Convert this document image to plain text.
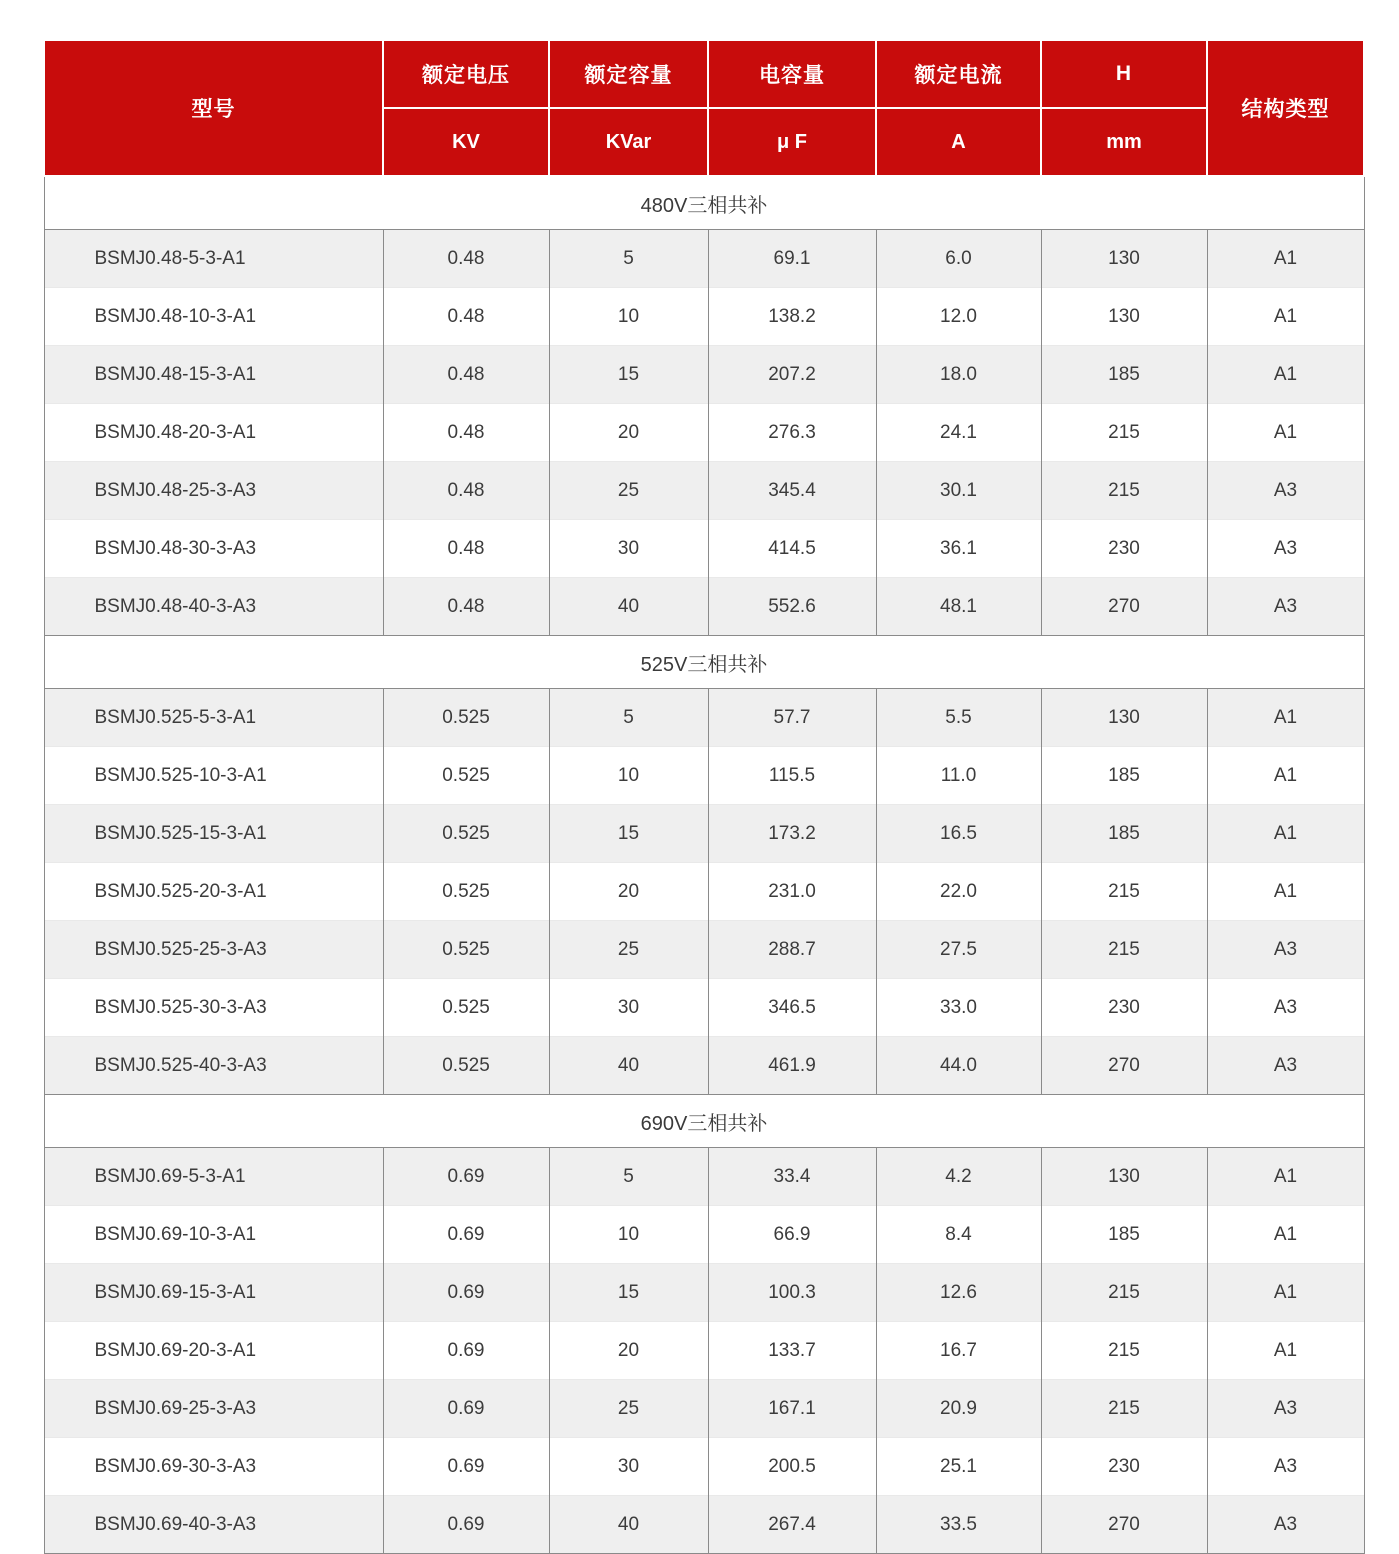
型号	额定电压	额定容量	电容量	额定电流	H	结构类型
	KV	KVar	μ F	A	mm	
480V三相共补						
BSMJ0.48-5-3-A1	0.48	5	69.1	6.0	130	A1
BSMJ0.48-10-3-A1	0.48	10	138.2	12.0	130	A1
BSMJ0.48-15-3-A1	0.48	15	207.2	18.0	185	A1
BSMJ0.48-20-3-A1	0.48	20	276.3	24.1	215	A1
BSMJ0.48-25-3-A3	0.48	25	345.4	30.1	215	A3
BSMJ0.48-30-3-A3	0.48	30	414.5	36.1	230	A3
BSMJ0.48-40-3-A3	0.48	40	552.6	48.1	270	A3
525V三相共补						
BSMJ0.525-5-3-A1	0.525	5	57.7	5.5	130	A1
BSMJ0.525-10-3-A1	0.525	10	115.5	11.0	185	A1
BSMJ0.525-15-3-A1	0.525	15	173.2	16.5	185	A1
BSMJ0.525-20-3-A1	0.525	20	231.0	22.0	215	A1
BSMJ0.525-25-3-A3	0.525	25	288.7	27.5	215	A3
BSMJ0.525-30-3-A3	0.525	30	346.5	33.0	230	A3
BSMJ0.525-40-3-A3	0.525	40	461.9	44.0	270	A3
690V三相共补						
BSMJ0.69-5-3-A1	0.69	5	33.4	4.2	130	A1
BSMJ0.69-10-3-A1	0.69	10	66.9	8.4	185	A1
BSMJ0.69-15-3-A1	0.69	15	100.3	12.6	215	A1
BSMJ0.69-20-3-A1	0.69	20	133.7	16.7	215	A1
BSMJ0.69-25-3-A3	0.69	25	167.1	20.9	215	A3
BSMJ0.69-30-3-A3	0.69	30	200.5	25.1	230	A3
BSMJ0.69-40-3-A3	0.69	40	267.4	33.5	270	A3
